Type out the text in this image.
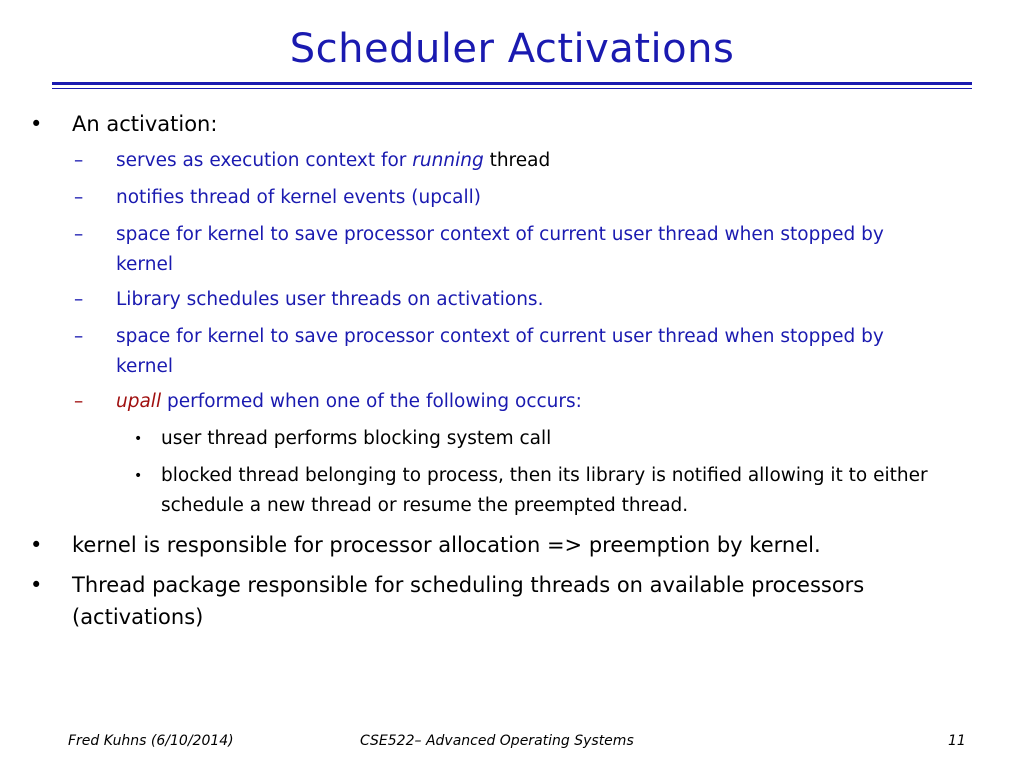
Scheduler Activations
•	An activation:
– serves as execution context for running thread
– notifies thread of kernel events (upcall)
– space for kernel to save processor context of current user thread when stopped by kernel
– Library schedules user threads on activations.
– space for kernel to save processor context of current user thread when stopped by kernel
– upall performed when one of the following occurs:
• user thread performs blocking system call
• blocked thread belonging to process, then its library is notified allowing it to either schedule a new thread or resume the preempted thread.
•	kernel is responsible for processor allocation => preemption by kernel.
•	Thread package responsible for scheduling threads on available processors (activations)
Fred Kuhns (6/10/2014)	CSE522– Advanced Operating Systems	11
